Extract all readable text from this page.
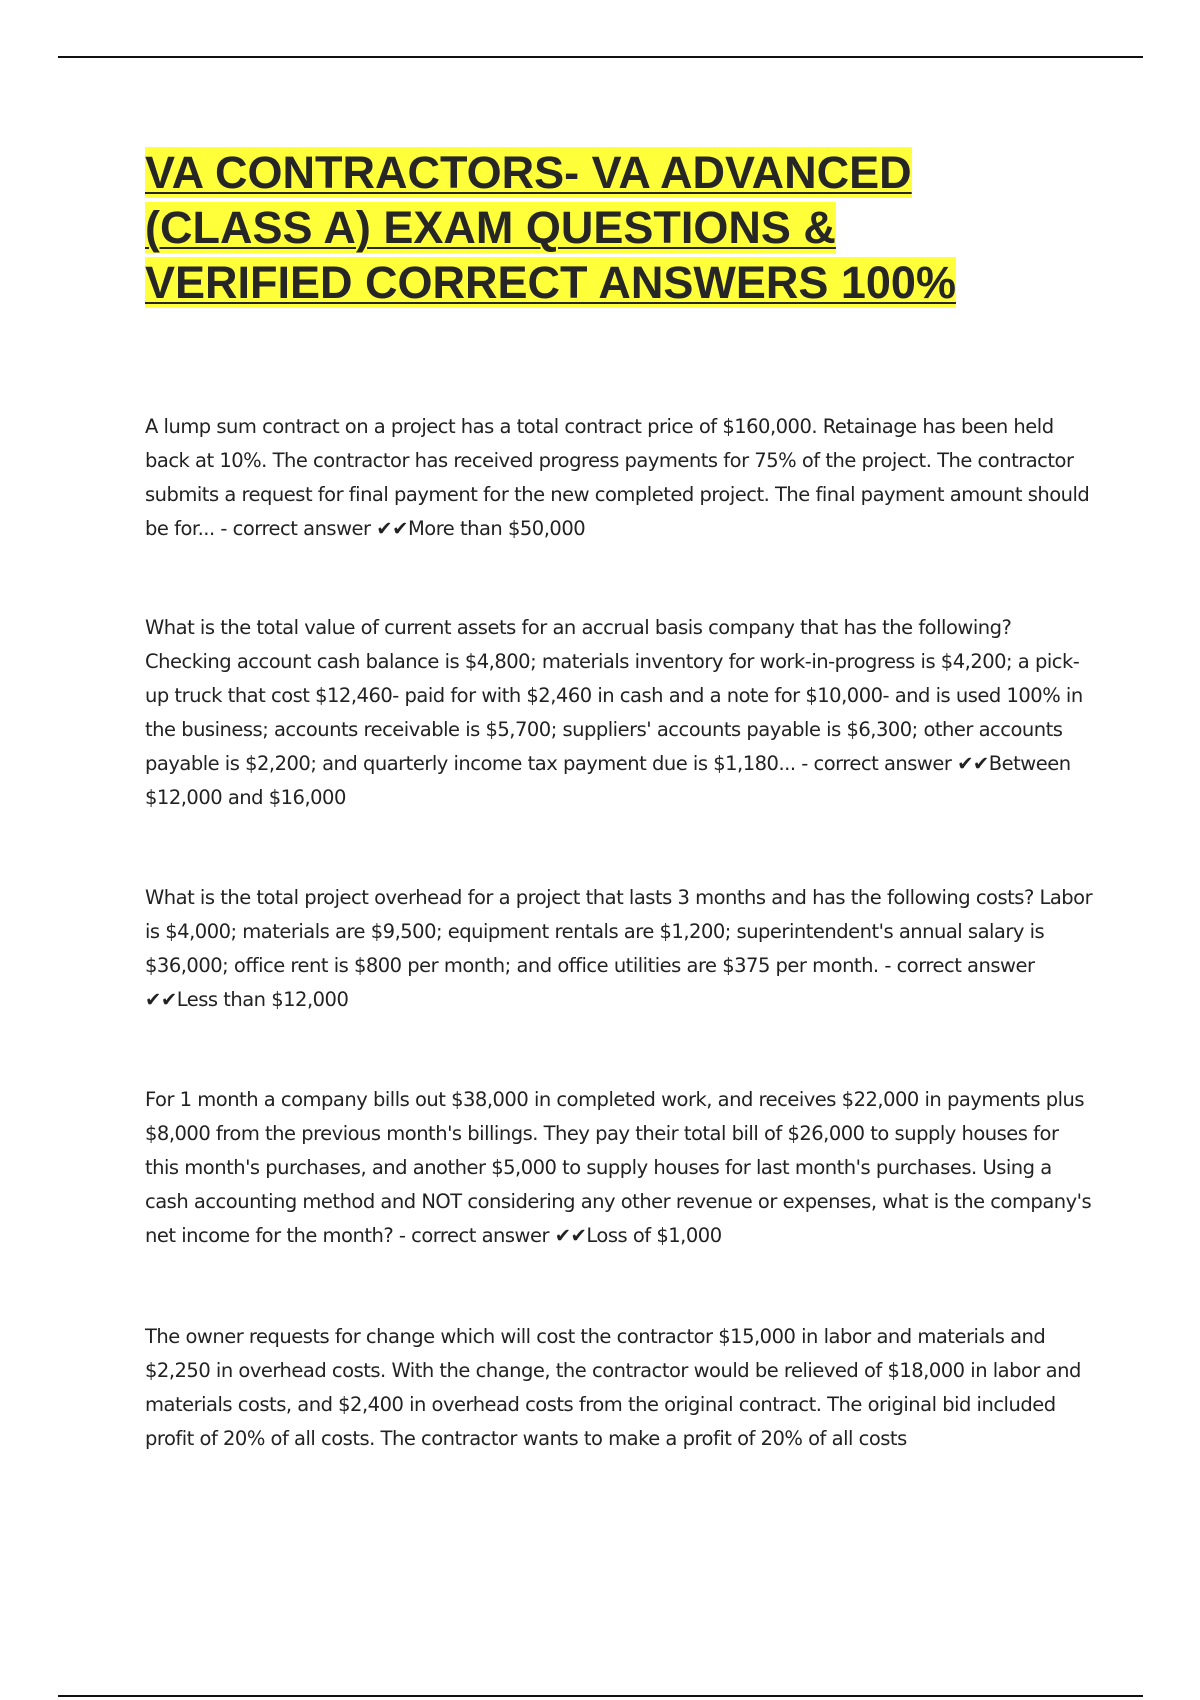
VA CONTRACTORS- VA ADVANCED
(CLASS A) EXAM QUESTIONS &
VERIFIED CORRECT ANSWERS 100%

A lump sum contract on a project has a total contract price of $160,000. Retainage has been held back at 10%. The contractor has received progress payments for 75% of the project. The contractor submits a request for final payment for the new completed project. The final payment amount should be for... - correct answer ✔✔More than $50,000

What is the total value of current assets for an accrual basis company that has the following? Checking account cash balance is $4,800; materials inventory for work-in-progress is $4,200; a pick-up truck that cost $12,460- paid for with $2,460 in cash and a note for $10,000- and is used 100% in the business; accounts receivable is $5,700; suppliers' accounts payable is $6,300; other accounts payable is $2,200; and quarterly income tax payment due is $1,180... - correct answer ✔✔Between $12,000 and $16,000

What is the total project overhead for a project that lasts 3 months and has the following costs? Labor is $4,000; materials are $9,500; equipment rentals are $1,200; superintendent's annual salary is $36,000; office rent is $800 per month; and office utilities are $375 per month. - correct answer ✔✔Less than $12,000

For 1 month a company bills out $38,000 in completed work, and receives $22,000 in payments plus $8,000 from the previous month's billings. They pay their total bill of $26,000 to supply houses for this month's purchases, and another $5,000 to supply houses for last month's purchases. Using a cash accounting method and NOT considering any other revenue or expenses, what is the company's net income for the month? - correct answer ✔✔Loss of $1,000

The owner requests for change which will cost the contractor $15,000 in labor and materials and $2,250 in overhead costs. With the change, the contractor would be relieved of $18,000 in labor and materials costs, and $2,400 in overhead costs from the original contract. The original bid included profit of 20% of all costs. The contractor wants to make a profit of 20% of all costs
